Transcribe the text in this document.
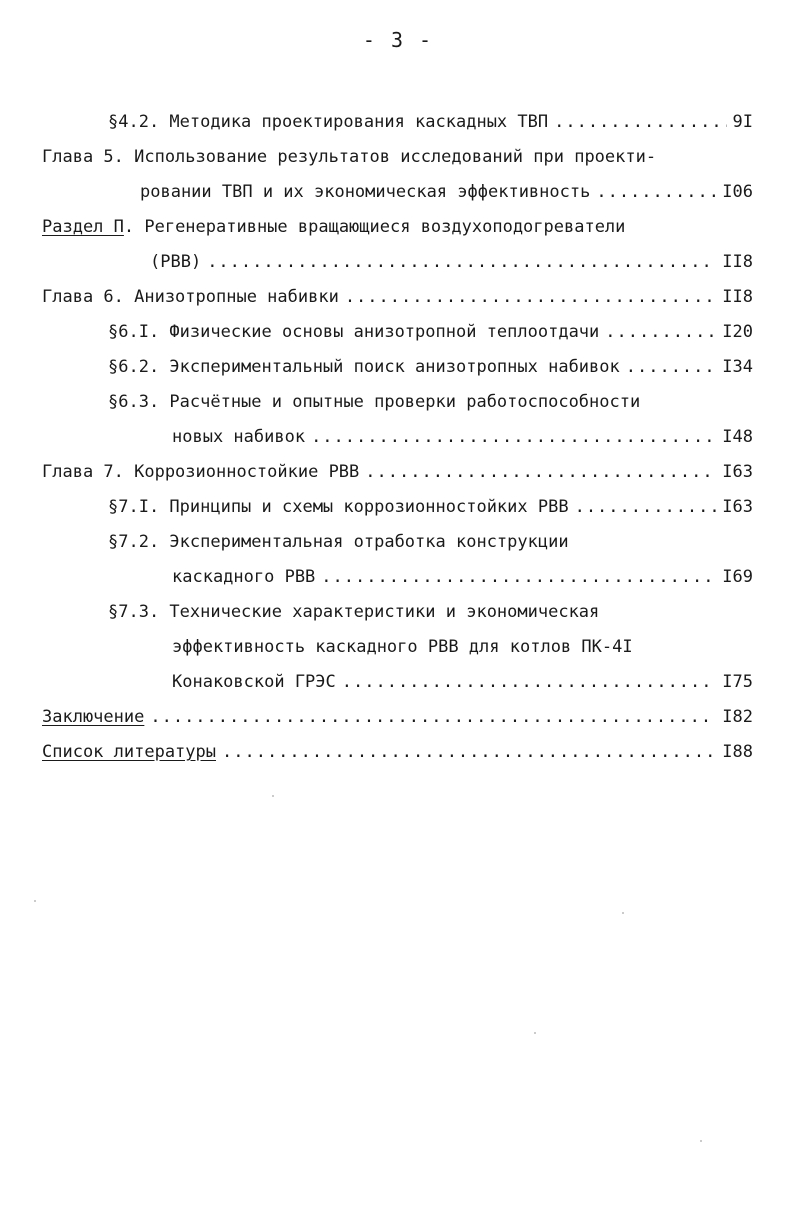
- 3 -
§4.2. Методика проектирования каскадных ТВП .....	9I
Глава 5. Использование результатов исследований при проекти-
ровании ТВП и их экономическая эффективность .....	I06
Раздел П . Регенеративные вращающиеся воздухоподогреватели
(РВВ) .....	II8
Глава 6. Анизотропные набивки .....	II8
§6.I. Физические основы анизотропной теплоотдачи .....	I20
§6.2. Экспериментальный поиск анизотропных набивок .....	I34
§6.3. Расчётные и опытные проверки работоспособности
новых набивок .....	I48
Глава 7. Коррозионностойкие РВВ .....	I63
§7.I. Принципы и схемы коррозионностойких РВВ .....	I63
§7.2. Экспериментальная отработка конструкции
каскадного РВВ .....	I69
§7.3. Технические характеристики и экономическая
эффективность каскадного РВВ для котлов ПК-4I
Конаковской ГРЭС .....	I75
Заключение .....	I82
Список литературы .....	I88
